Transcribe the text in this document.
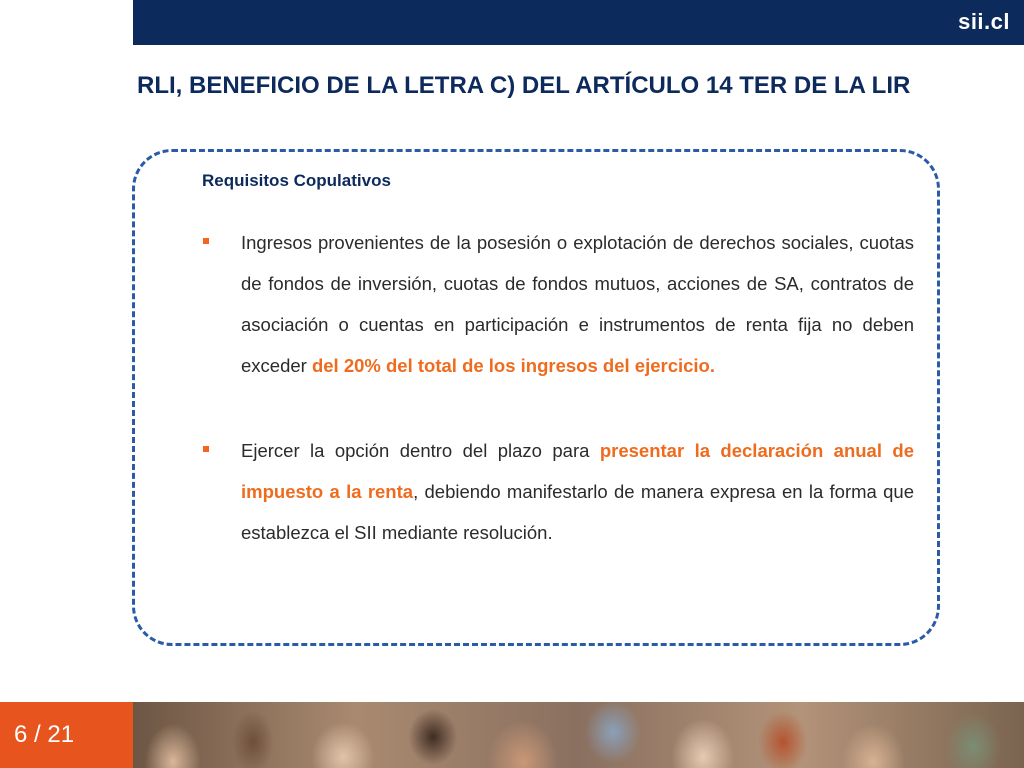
sii.cl
RLI, BENEFICIO DE LA LETRA C) DEL ARTÍCULO 14 TER DE LA LIR
Requisitos Copulativos

Ingresos provenientes de la posesión o explotación de derechos sociales, cuotas de fondos de inversión, cuotas de fondos mutuos, acciones de SA, contratos de asociación o cuentas en participación e instrumentos de renta fija no deben exceder del 20% del total de los ingresos del ejercicio.

Ejercer la opción dentro del plazo para presentar la declaración anual de impuesto a la renta, debiendo manifestarlo de manera expresa en la forma que establezca el SII mediante resolución.

6 / 21
